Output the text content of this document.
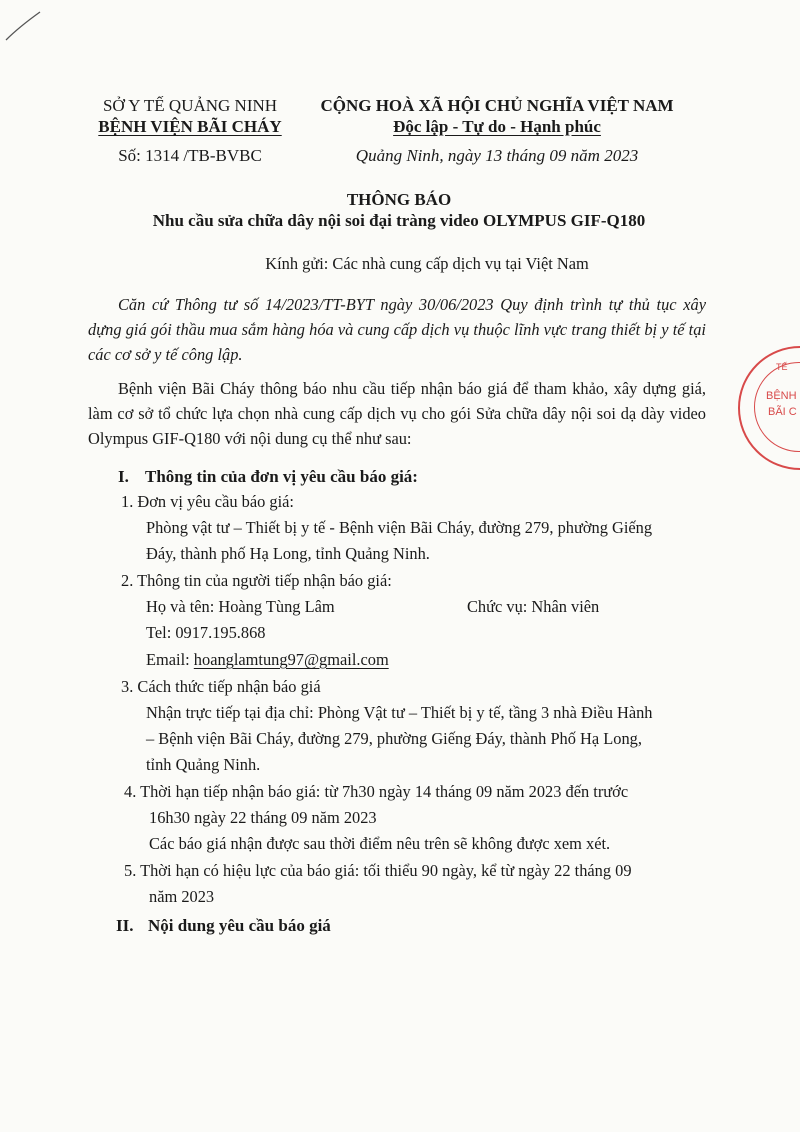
SỞ Y TẾ QUẢNG NINH
BỆNH VIỆN BÃI CHÁY
Số: 1314 /TB-BVBC
CỘNG HOÀ XÃ HỘI CHỦ NGHĨA VIỆT NAM
Độc lập - Tự do - Hạnh phúc
Quảng Ninh, ngày 13 tháng 09 năm 2023
THÔNG BÁO
Nhu cầu sửa chữa dây nội soi đại tràng video OLYMPUS GIF-Q180
Kính gửi: Các nhà cung cấp dịch vụ tại Việt Nam
Căn cứ Thông tư số 14/2023/TT-BYT ngày 30/06/2023 Quy định trình tự thủ tục xây dựng giá gói thầu mua sắm hàng hóa và cung cấp dịch vụ thuộc lĩnh vực trang thiết bị y tế tại các cơ sở y tế công lập.
Bệnh viện Bãi Cháy thông báo nhu cầu tiếp nhận báo giá để tham khảo, xây dựng giá, làm cơ sở tổ chức lựa chọn nhà cung cấp dịch vụ cho gói Sửa chữa dây nội soi dạ dày video Olympus GIF-Q180 với nội dung cụ thể như sau:
I. Thông tin của đơn vị yêu cầu báo giá:
1. Đơn vị yêu cầu báo giá:
Phòng vật tư – Thiết bị y tế - Bệnh viện Bãi Cháy, đường 279, phường Giếng
Đáy, thành phố Hạ Long, tỉnh Quảng Ninh.
2. Thông tin của người tiếp nhận báo giá:
Họ và tên: Hoàng Tùng Lâm	Chức vụ: Nhân viên
Tel: 0917.195.868
Email: hoanglamtung97@gmail.com
3. Cách thức tiếp nhận báo giá
Nhận trực tiếp tại địa chỉ: Phòng Vật tư – Thiết bị y tế, tầng 3 nhà Điều Hành
– Bệnh viện Bãi Cháy, đường 279, phường Giếng Đáy, thành Phố Hạ Long,
tỉnh Quảng Ninh.
4. Thời hạn tiếp nhận báo giá: từ 7h30 ngày 14 tháng 09 năm 2023 đến trước
16h30 ngày 22 tháng 09 năm 2023
Các báo giá nhận được sau thời điểm nêu trên sẽ không được xem xét.
5. Thời hạn có hiệu lực của báo giá: tối thiểu 90 ngày, kể từ ngày 22 tháng 09
năm 2023
II. Nội dung yêu cầu báo giá
BỆNH
BÃI C
TẾ
